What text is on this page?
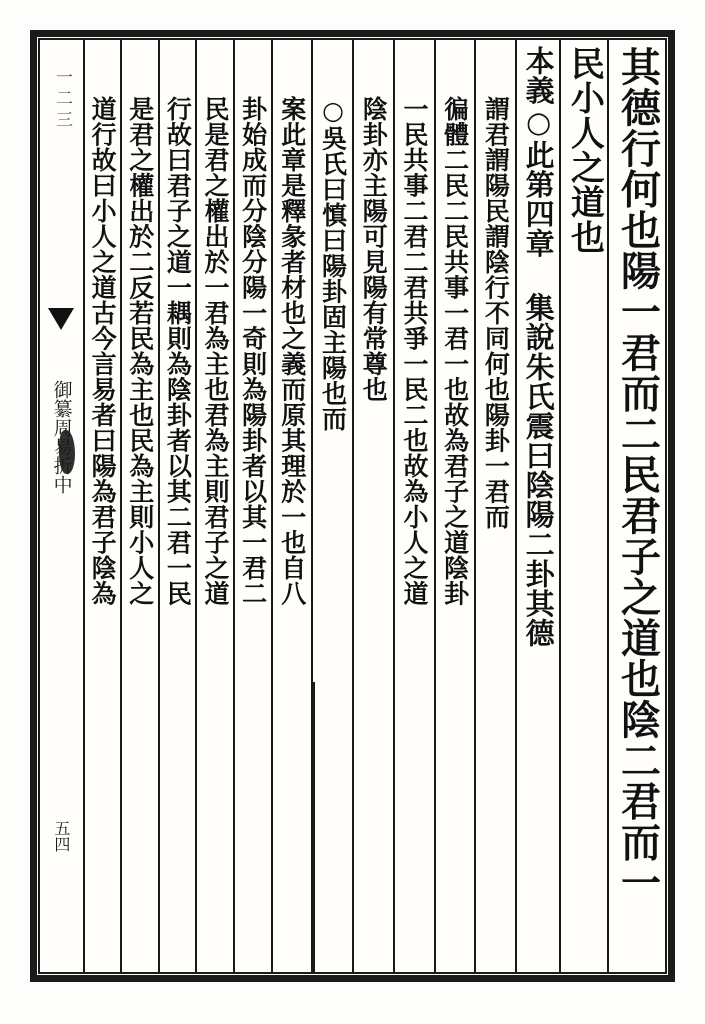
其德行何也陽一君而二民君子之道也陰二君而一
民小人之道也
本義○此第四章 集說朱氏震曰陰陽二卦其德
謂君謂陽民謂陰行不同何也陽卦一君而
徧體二民二民共事一君一也故為君子之道陰卦
一民共事二君二君共爭一民二也故為小人之道
陰卦亦主陽可見陽有常尊也
○吳氏曰慎曰陽卦固主陽也而
案此章是釋彖者材也之義而原其理於一也自八
卦始成而分陰分陽一奇則為陽卦者以其一君二
民是君之權出於一君為主也君為主則君子之道
行故曰君子之道一耦則為陰卦者以其二君一民
是君之權出於二反若民為主也民為主則小人之
道行故曰小人之道古今言易者曰陽為君子陰為
一二三
御纂周易折中
五四
